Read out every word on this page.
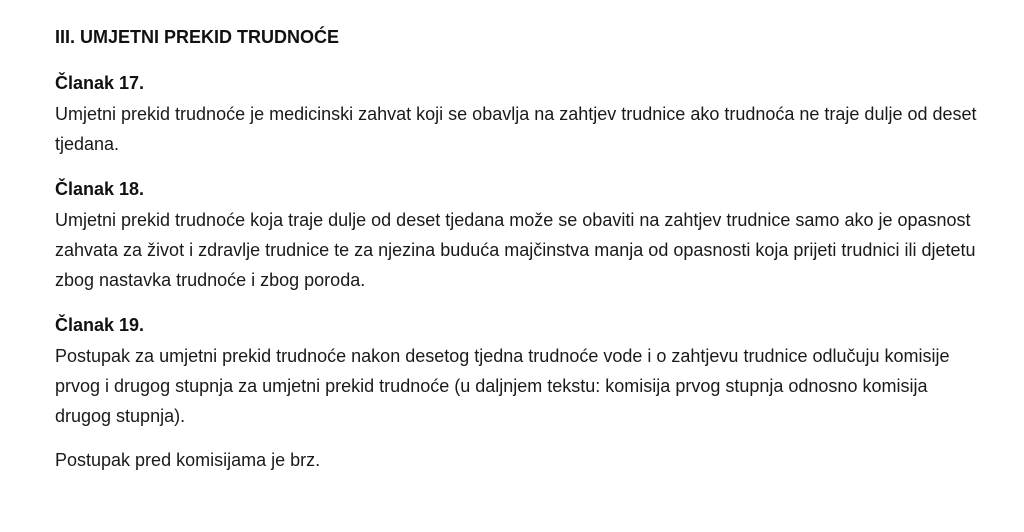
III. UMJETNI PREKID TRUDNOĆE
Članak 17.

Umjetni prekid trudnoće je medicinski zahvat koji se obavlja na zahtjev trudnice ako trudnoća ne traje dulje od deset tjedana.

Članak 18.

Umjetni prekid trudnoće koja traje dulje od deset tjedana može se obaviti na zahtjev trudnice samo ako je opasnost zahvata za život i zdravlje trudnice te za njezina buduća majčinstva manja od opasnosti koja prijeti trudnici ili djetetu zbog nastavka trudnoće i zbog poroda.

Članak 19.

Postupak za umjetni prekid trudnoće nakon desetog tjedna trudnoće vode i o zahtjevu trudnice odlučuju komisije prvog i drugog stupnja za umjetni prekid trudnoće (u daljnjem tekstu: komisija prvog stupnja odnosno komisija drugog stupnja).

Postupak pred komisijama je brz.
